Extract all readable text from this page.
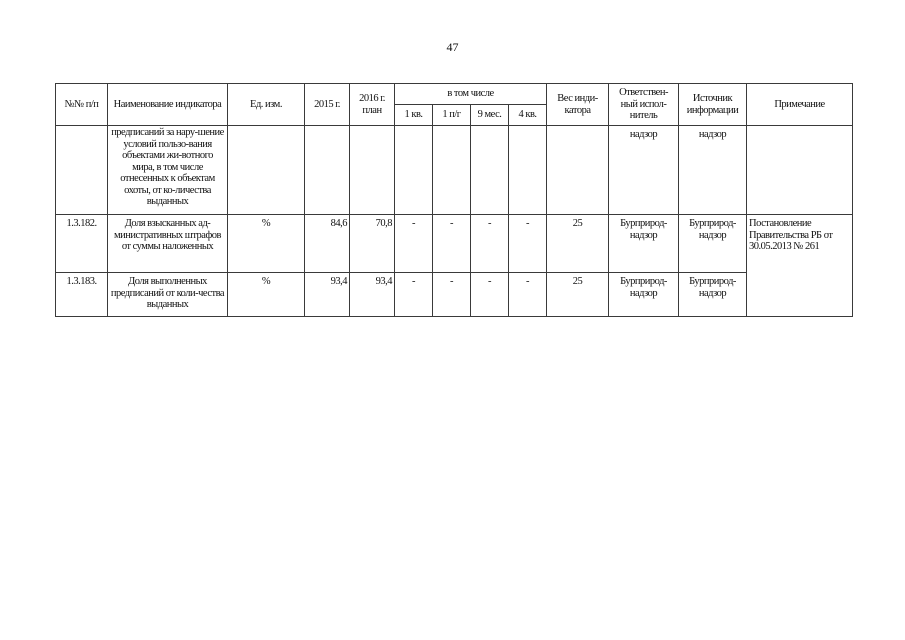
47
№№ п/п	Наименование индикатора	Ед. изм.	2015 г.	2016 г. план	в том числе				Вес инди-катора	Ответствен-ный испол-нитель	Источник информации	Примечание
					1 кв.	1 п/г	9 мес.	4 кв.				
	предписаний за нару-шение условий пользо-вания объектами жи-вотного мира, в том числе отнесенных к объектам охоты, от ко-личества выданных									надзор	надзор	
1.3.182.	Доля взысканных ад-министративных штрафов от суммы наложенных	%	84,6	70,8	-	-	-	-	25	Бурприрод-надзор	Бурприрод-надзор	Постановление Правительства РБ от 30.05.2013 № 261
1.3.183.	Доля выполненных предписаний от коли-чества выданных	%	93,4	93,4	-	-	-	-	25	Бурприрод-надзор	Бурприрод-надзор	
